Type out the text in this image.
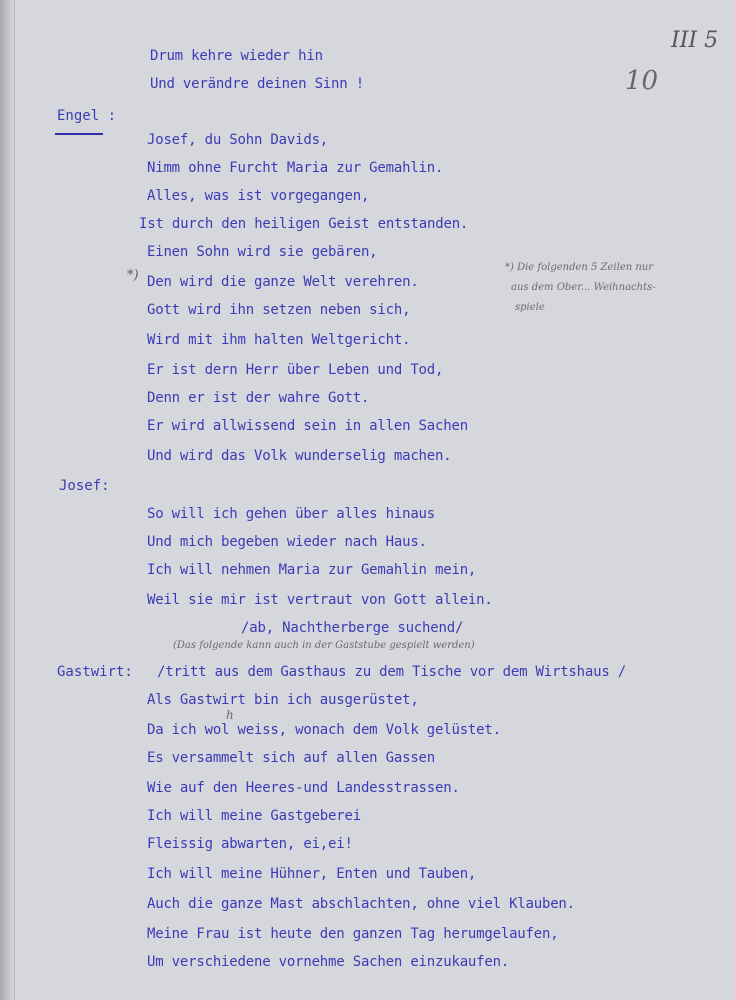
III 5
10
Engel :
Josef:
Gastwirt:
Drum kehre wieder hin
Und verändre deinen Sinn !
Josef, du Sohn Davids,
Nimm ohne Furcht Maria zur Gemahlin.
Alles, was ist vorgegangen,
Ist durch den heiligen Geist entstanden.
Einen Sohn wird sie gebären,
Den wird die ganze Welt verehren.
Gott wird ihn setzen neben sich,
Wird mit ihm halten Weltgericht.
Er ist dern Herr über Leben und Tod,
Denn er ist der wahre Gott.
Er wird allwissend sein in allen Sachen
Und wird das Volk wunderselig machen.
So will ich gehen über alles hinaus
Und mich begeben wieder nach Haus.
Ich will nehmen Maria zur Gemahlin mein,
Weil sie mir ist vertraut von Gott allein.
/ab, Nachtherberge suchend/
(Das folgende kann auch in der Gaststube gespielt werden)
/tritt aus dem Gasthaus zu dem Tische vor dem Wirtshaus /
Als Gastwirt bin ich ausgerüstet,
h
Da ich wol weiss, wonach dem Volk gelüstet.
Es versammelt sich auf allen Gassen
Wie auf den Heeres-und Landesstrassen.
Ich will meine Gastgeberei
Fleissig abwarten, ei,ei!
Ich will meine Hühner, Enten und Tauben,
Auch die ganze Mast abschlachten, ohne viel Klauben.
Meine Frau ist heute den ganzen Tag herumgelaufen,
Um verschiedene vornehme Sachen einzukaufen.
*)
*) Die folgenden 5 Zeilen nur
aus dem Ober... Weihnachts-
spiele
